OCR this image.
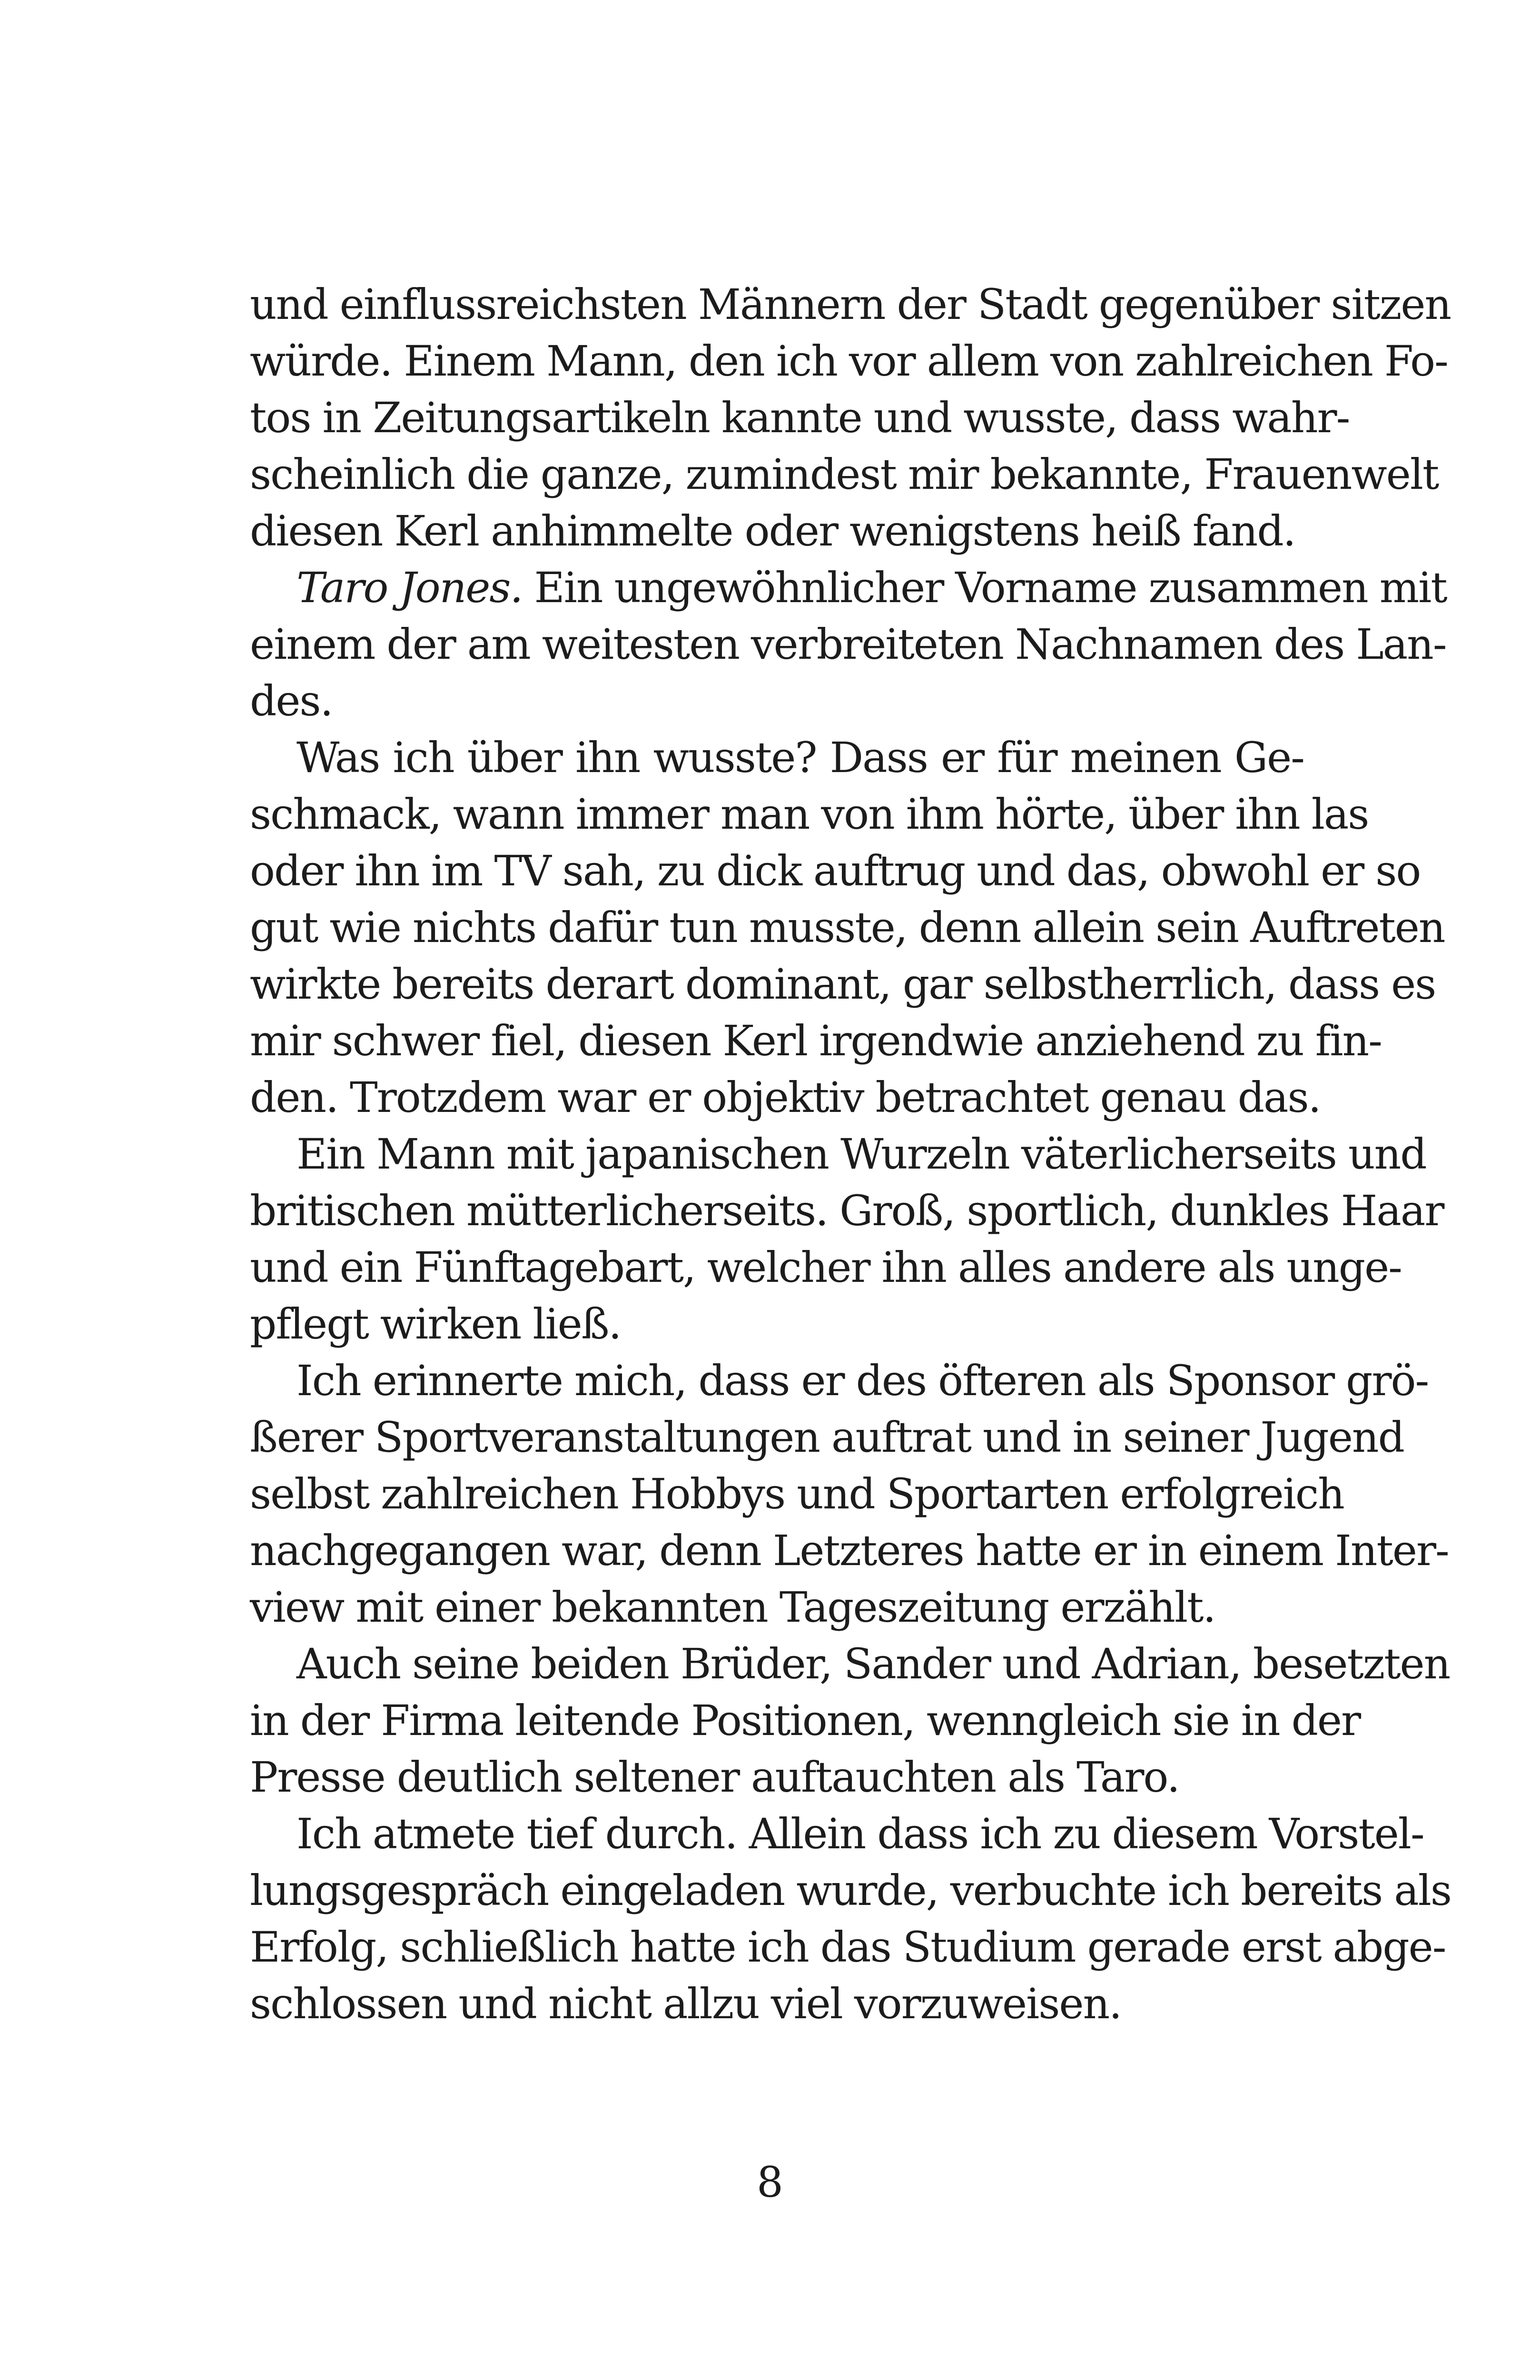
und einflussreichsten Männern der Stadt gegenüber sitzen
würde. Einem Mann, den ich vor allem von zahlreichen Fo-
tos in Zeitungsartikeln kannte und wusste, dass wahr-
scheinlich die ganze, zumindest mir bekannte, Frauenwelt
diesen Kerl anhimmelte oder wenigstens heiß fand.
Taro Jones. Ein ungewöhnlicher Vorname zusammen mit
einem der am weitesten verbreiteten Nachnamen des Lan-
des.
Was ich über ihn wusste? Dass er für meinen Ge-
schmack, wann immer man von ihm hörte, über ihn las
oder ihn im TV sah, zu dick auftrug und das, obwohl er so
gut wie nichts dafür tun musste, denn allein sein Auftreten
wirkte bereits derart dominant, gar selbstherrlich, dass es
mir schwer fiel, diesen Kerl irgendwie anziehend zu fin-
den. Trotzdem war er objektiv betrachtet genau das.
Ein Mann mit japanischen Wurzeln väterlicherseits und
britischen mütterlicherseits. Groß, sportlich, dunkles Haar
und ein Fünftagebart, welcher ihn alles andere als unge-
pflegt wirken ließ.
Ich erinnerte mich, dass er des öfteren als Sponsor grö-
ßerer Sportveranstaltungen auftrat und in seiner Jugend
selbst zahlreichen Hobbys und Sportarten erfolgreich
nachgegangen war, denn Letzteres hatte er in einem Inter-
view mit einer bekannten Tageszeitung erzählt.
Auch seine beiden Brüder, Sander und Adrian, besetzten
in der Firma leitende Positionen, wenngleich sie in der
Presse deutlich seltener auftauchten als Taro.
Ich atmete tief durch. Allein dass ich zu diesem Vorstel-
lungsgespräch eingeladen wurde, verbuchte ich bereits als
Erfolg, schließlich hatte ich das Studium gerade erst abge-
schlossen und nicht allzu viel vorzuweisen.
8
